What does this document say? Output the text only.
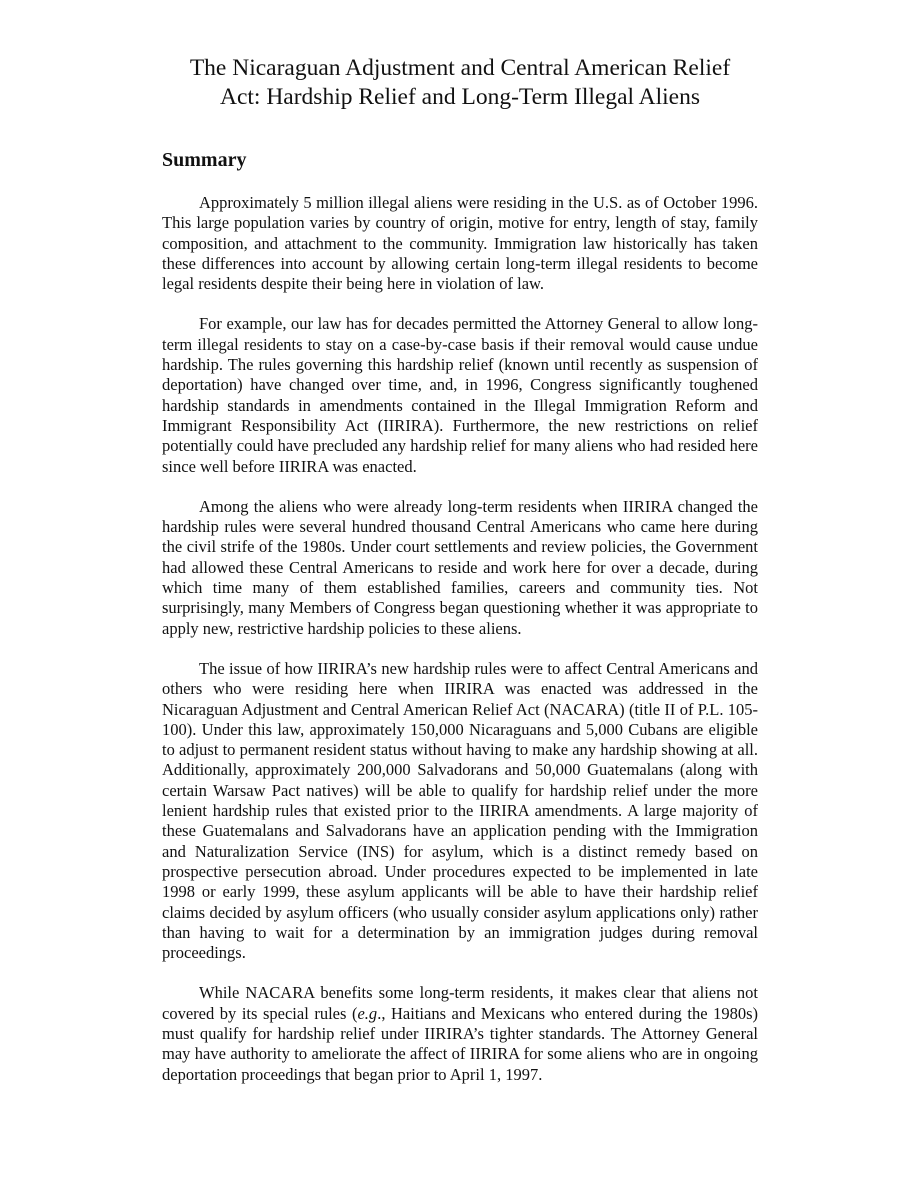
The Nicaraguan Adjustment and Central American Relief
Act: Hardship Relief and Long-Term Illegal Aliens
Summary

Approximately 5 million illegal aliens were residing in the U.S. as of October 1996. This large population varies by country of origin, motive for entry, length of stay, family composition, and attachment to the community. Immigration law historically has taken these differences into account by allowing certain long-term illegal residents to become legal residents despite their being here in violation of law.

For example, our law has for decades permitted the Attorney General to allow long-term illegal residents to stay on a case-by-case basis if their removal would cause undue hardship. The rules governing this hardship relief (known until recently as suspension of deportation) have changed over time, and, in 1996, Congress significantly toughened hardship standards in amendments contained in the Illegal Immigration Reform and Immigrant Responsibility Act (IIRIRA). Furthermore, the new restrictions on relief potentially could have precluded any hardship relief for many aliens who had resided here since well before IIRIRA was enacted.

Among the aliens who were already long-term residents when IIRIRA changed the hardship rules were several hundred thousand Central Americans who came here during the civil strife of the 1980s. Under court settlements and review policies, the Government had allowed these Central Americans to reside and work here for over a decade, during which time many of them established families, careers and community ties. Not surprisingly, many Members of Congress began questioning whether it was appropriate to apply new, restrictive hardship policies to these aliens.

The issue of how IIRIRA’s new hardship rules were to affect Central Americans and others who were residing here when IIRIRA was enacted was addressed in the Nicaraguan Adjustment and Central American Relief Act (NACARA) (title II of P.L. 105-100). Under this law, approximately 150,000 Nicaraguans and 5,000 Cubans are eligible to adjust to permanent resident status without having to make any hardship showing at all. Additionally, approximately 200,000 Salvadorans and 50,000 Guatemalans (along with certain Warsaw Pact natives) will be able to qualify for hardship relief under the more lenient hardship rules that existed prior to the IIRIRA amendments. A large majority of these Guatemalans and Salvadorans have an application pending with the Immigration and Naturalization Service (INS) for asylum, which is a distinct remedy based on prospective persecution abroad. Under procedures expected to be implemented in late 1998 or early 1999, these asylum applicants will be able to have their hardship relief claims decided by asylum officers (who usually consider asylum applications only) rather than having to wait for a determination by an immigration judges during removal proceedings.

While NACARA benefits some long-term residents, it makes clear that aliens not covered by its special rules (e.g., Haitians and Mexicans who entered during the 1980s) must qualify for hardship relief under IIRIRA’s tighter standards. The Attorney General may have authority to ameliorate the affect of IIRIRA for some aliens who are in ongoing deportation proceedings that began prior to April 1, 1997.
